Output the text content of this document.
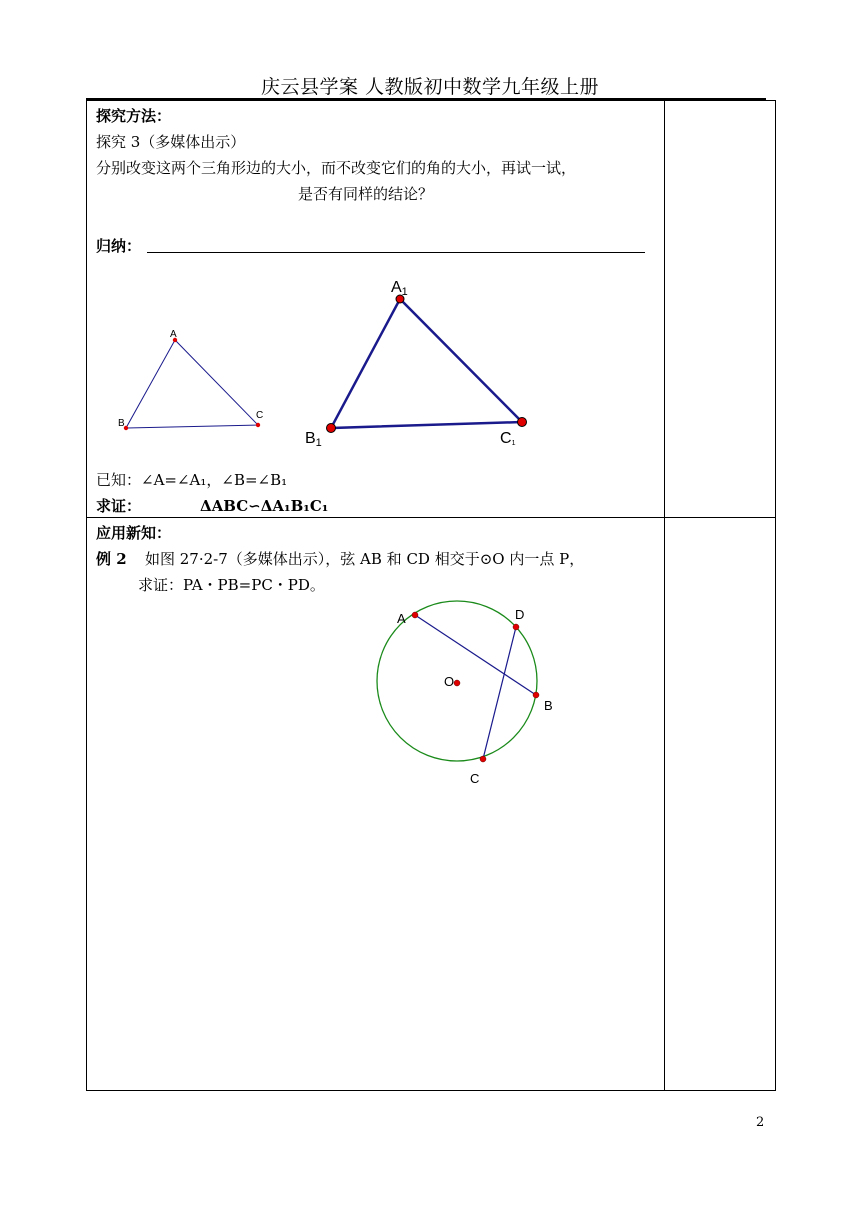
庆云县学案 人教版初中数学九年级上册
探究方法：
探究 3（多媒体出示）
分别改变这两个三角形边的大小，而不改变它们的角的大小，再试一试，
是否有同样的结论？
归纳：
A
B
C
A1
B1	C1
A
B
C
D
O
已知：∠A=∠A₁，∠B=∠B₁
求证：	ΔABC∽ΔA₁B₁C₁
应用新知：
例 2 如图 27·2-7（多媒体出示），弦 AB 和 CD 相交于⊙O 内一点 P，
求证：PA・PB=PC・PD。
2
